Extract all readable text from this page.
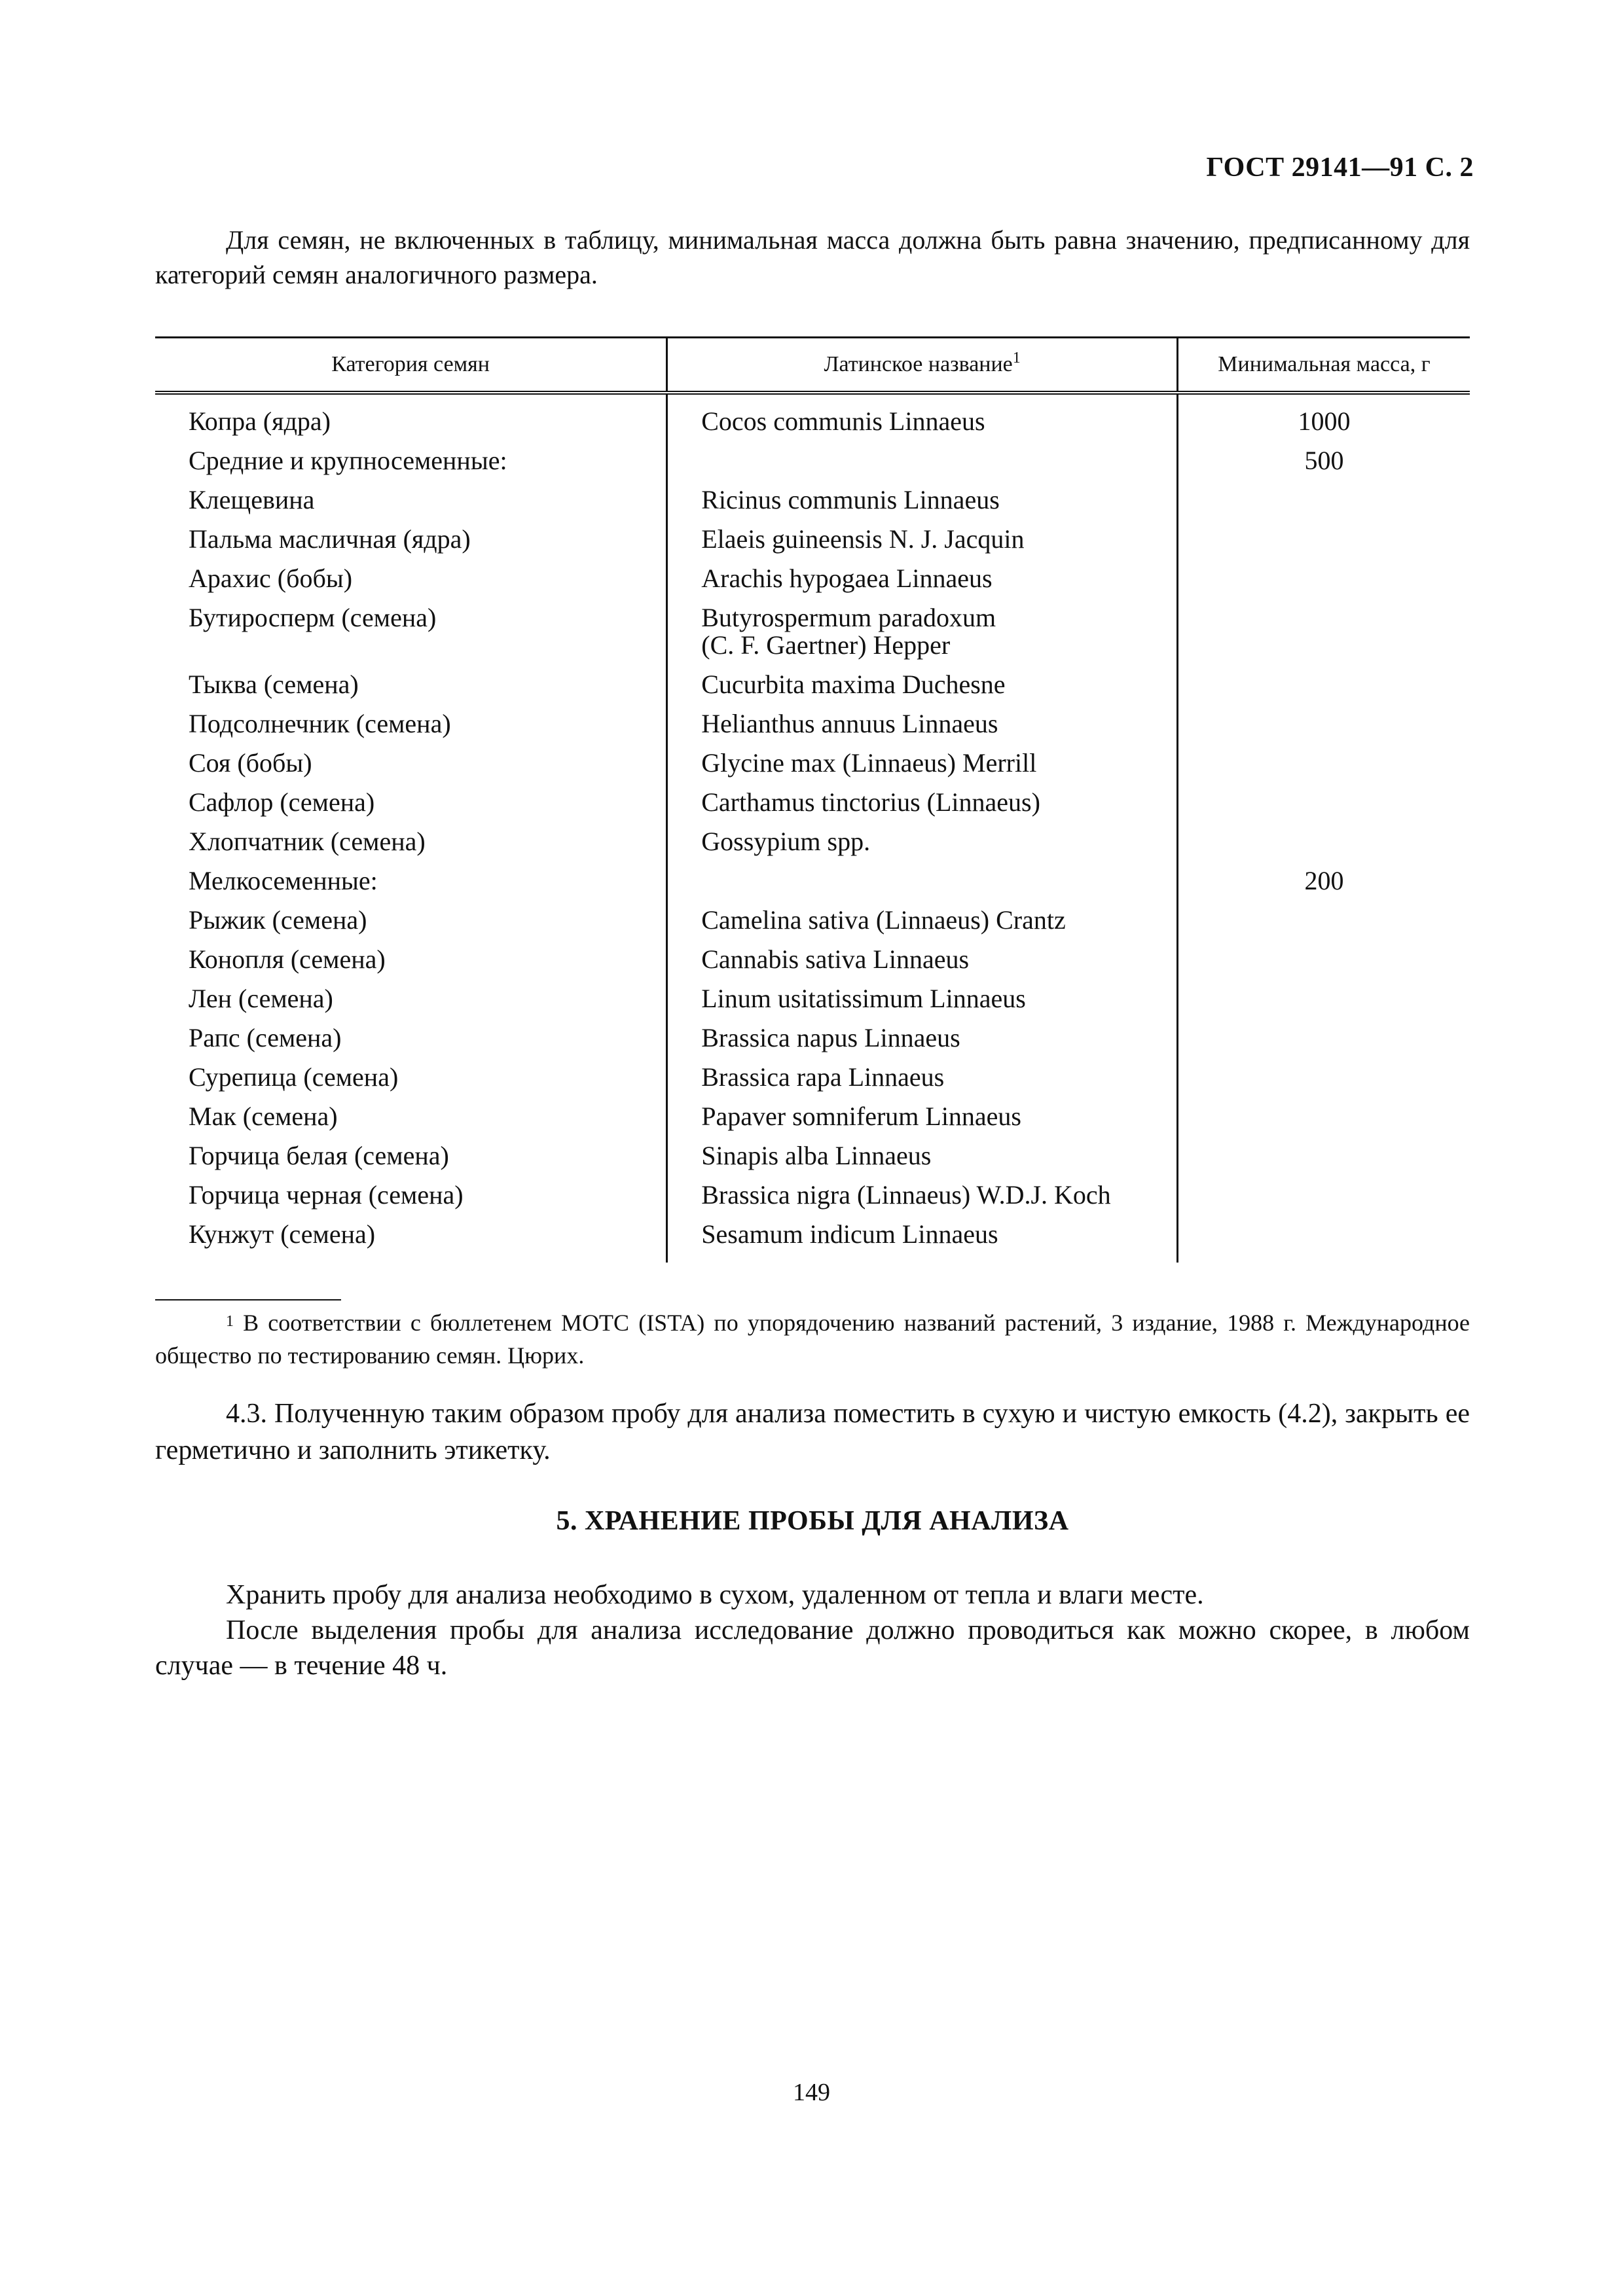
ГОСТ 29141—91 С. 2

Для семян, не включенных в таблицу, минимальная масса должна быть равна значению, предписанному для категорий семян аналогичного размера.

Категория семян	Латинское название$^1$	Минимальная масса, г
Копра (ядра)	Cocos communis Linnaeus	1000
Средние и крупносеменные:		500
Клещевина	Ricinus communis Linnaeus	

Пальма масличная (ядра)	Elaeis guineensis N. J. Jacquin	

Арахис (бобы)	Arachis hypogaea Linnaeus	

Бутиросперм (семена)	Butyrospermum paradoxum
(C. F. Gaertner) Hepper	

Тыква (семена)	Cucurbita maxima Duchesne	

Подсолнечник (семена)	Helianthus annuus Linnaeus	

Соя (бобы)	Glycine max (Linnaeus) Merrill	

Сафлор (семена)	Carthamus tinctorius (Linnaeus)	

Хлопчатник (семена)	Gossypium spp.	

Мелкосеменные:		200
Рыжик (семена)	Camelina sativa (Linnaeus) Crantz	

Конопля (семена)	Cannabis sativa Linnaeus	

Лен (семена)	Linum usitatissimum Linnaeus	

Рапс (семена)	Brassica napus Linnaeus	

Сурепица (семена)	Brassica rapa Linnaeus	

Мак (семена)	Papaver somniferum Linnaeus	

Горчица белая (семена)	Sinapis alba Linnaeus	

Горчица черная (семена)	Brassica nigra (Linnaeus) W.D.J. Koch	

Кунжут (семена)	Sesamum indicum Linnaeus	

$^1$ В соответствии с бюллетенем МОТС (ISTA) по упорядочению названий растений, 3 издание, 1988 г. Международное общество по тестированию семян. Цюрих.

4.3. Полученную таким образом пробу для анализа поместить в сухую и чистую емкость (4.2), закрыть ее герметично и заполнить этикетку.

5. ХРАНЕНИЕ ПРОБЫ ДЛЯ АНАЛИЗА

Хранить пробу для анализа необходимо в сухом, удаленном от тепла и влаги месте.

После выделения пробы для анализа исследование должно проводиться как можно скорее, в любом случае — в течение 48 ч.

149
